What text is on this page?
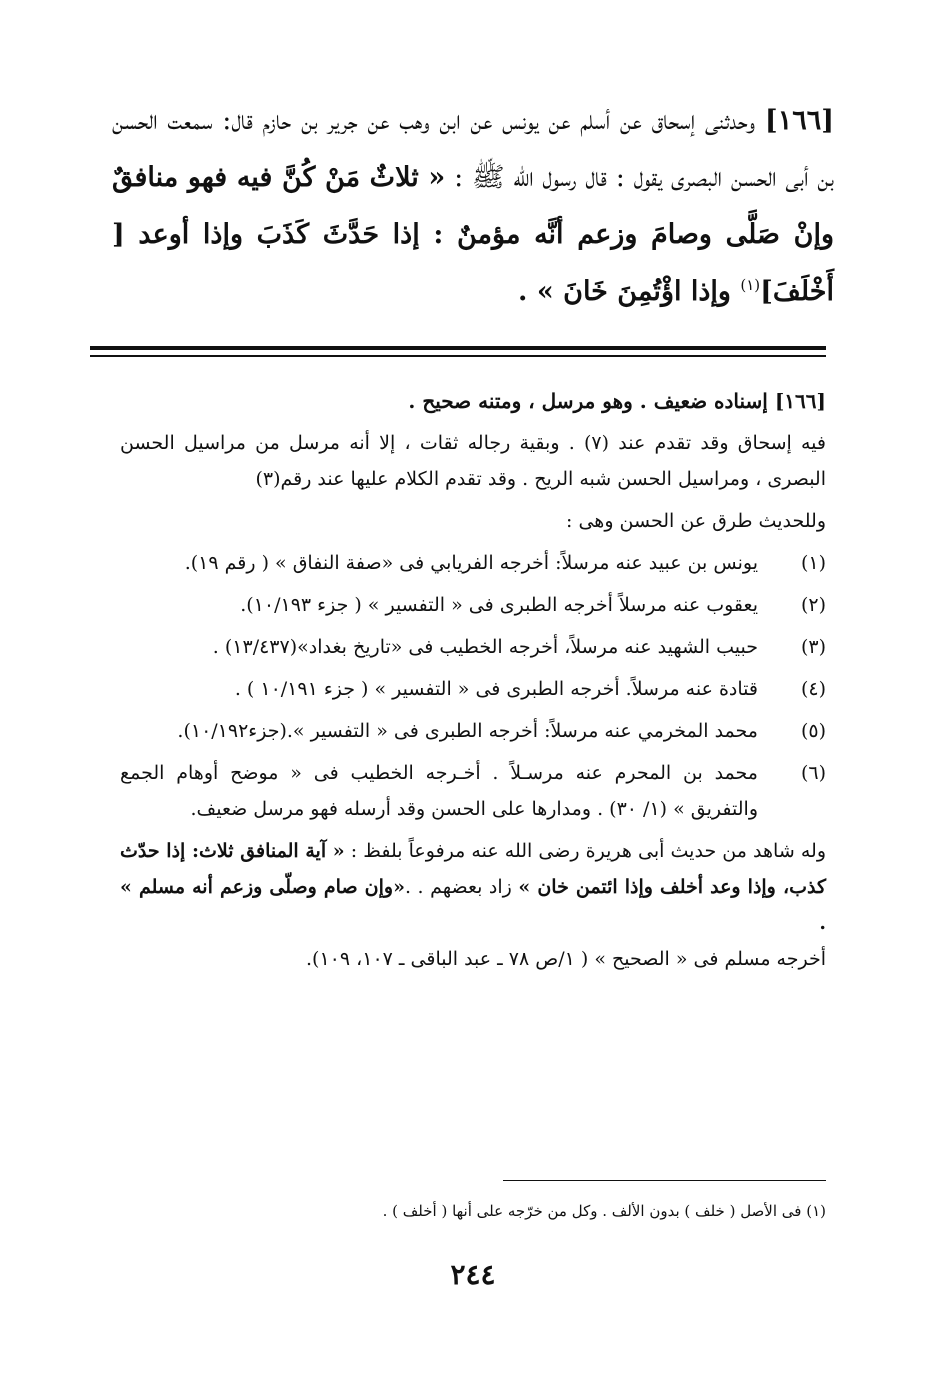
[١٦٦] وحدثنى إسحاق عن أسلم عن يونس عن ابن وهب عن جرير بن حازم قال: سمعت الحسن بن أبى الحسن البصرى يقول : قال رسول الله ﷺ : « ثلاثٌ مَنْ كُنَّ فيه فهو منافقٌ وإنْ صَلَّى وصامَ وزعم أنَّه مؤمنٌ : إذا حَدَّثَ كَذَبَ وإذا أوعد [ أَخْلَفَ]$^{(١)}$ وإذا اؤْتُمِنَ خَانَ » .
[١٦٦] إسناده ضعيف . وهو مرسل ، ومتنه صحيح .

فيه إسحاق وقد تقدم عند (٧) . وبقية رجاله ثقات ، إلا أنه مرسل من مراسيل الحسن البصرى ، ومراسيل الحسن شبه الريح . وقد تقدم الكلام عليها عند رقم(٣)

وللحديث طرق عن الحسن وهى :

(١)
يونس بن عبيد عنه مرسلاً: أخرجه الفريابي فى «صفة النفاق » ( رقم ١٩).
(٢)
يعقوب عنه مرسلاً أخرجه الطبرى فى « التفسير » ( جزء ١٠/١٩٣).
(٣)
حبيب الشهيد عنه مرسلاً، أخرجه الخطيب فى «تاريخ بغداد»(١٣/٤٣٧) .
(٤)
قتادة عنه مرسلاً. أخرجه الطبرى فى « التفسير » ( جزء ١٠/١٩١ ) .
(٥)
محمد المخرمي عنه مرسلاً: أخرجه الطبرى فى « التفسير ».(جزء١٠/١٩٢).
(٦)
محمد بن المحرم عنه مرسـلاً . أخـرجه الخطيب فى « موضح أوهام الجمع والتفريق » (١/ ٣٠) . ومدارها على الحسن وقد أرسله فهو مرسل ضعيف.

وله شاهد من حديث أبى هريرة رضى الله عنه مرفوعاً بلفظ : « آية المنافق ثلاث: إذا حدّث كذب، وإذا وعد أخلف وإذا ائتمن خان » زاد بعضهم . .«وإن صام وصلّى وزعم أنه مسلم » .

أخرجه مسلم فى « الصحيح » ( ١/ص ٧٨ ـ عبد الباقى ـ ١٠٧، ١٠٩).

(١) فى الأصل ( خلف ) بدون الألف . وكل من خرّجه على أنها ( أخلف ) .
٢٤٤
